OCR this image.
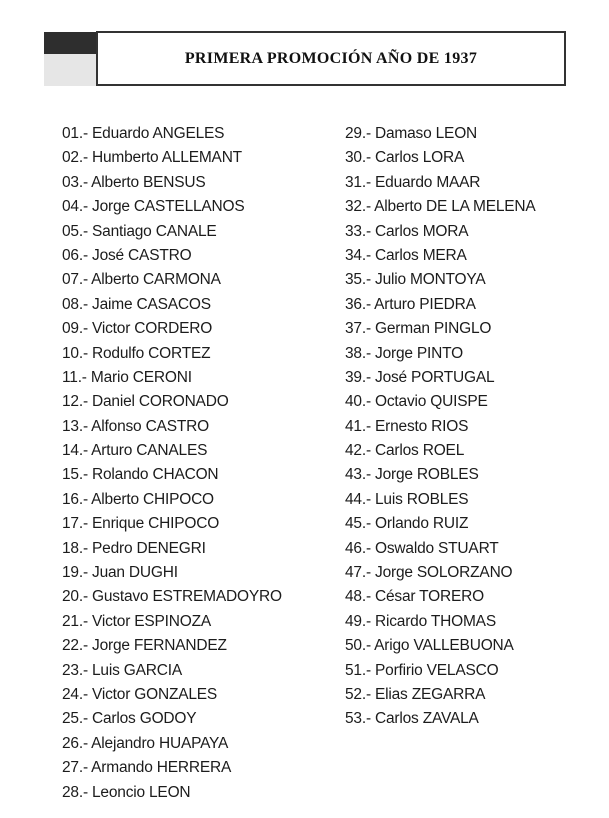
PRIMERA PROMOCIÓN AÑO DE 1937
01.- Eduardo ANGELES
02.- Humberto ALLEMANT
03.- Alberto BENSUS
04.- Jorge CASTELLANOS
05.- Santiago CANALE
06.- José CASTRO
07.- Alberto CARMONA
08.- Jaime CASACOS
09.- Victor CORDERO
10.- Rodulfo CORTEZ
11.- Mario CERONI
12.- Daniel CORONADO
13.- Alfonso CASTRO
14.- Arturo CANALES
15.- Rolando CHACON
16.- Alberto CHIPOCO
17.- Enrique CHIPOCO
18.- Pedro DENEGRI
19.- Juan DUGHI
20.- Gustavo ESTREMADOYRO
21.- Victor ESPINOZA
22.- Jorge FERNANDEZ
23.- Luis GARCIA
24.- Victor GONZALES
25.- Carlos GODOY
26.- Alejandro HUAPAYA
27.- Armando HERRERA
28.- Leoncio LEON
29.- Damaso LEON
30.- Carlos LORA
31.- Eduardo MAAR
32.- Alberto DE LA MELENA
33.- Carlos MORA
34.- Carlos MERA
35.- Julio MONTOYA
36.- Arturo PIEDRA
37.- German PINGLO
38.- Jorge PINTO
39.- José PORTUGAL
40.- Octavio QUISPE
41.- Ernesto RIOS
42.- Carlos ROEL
43.- Jorge ROBLES
44.- Luis ROBLES
45.- Orlando RUIZ
46.- Oswaldo STUART
47.- Jorge SOLORZANO
48.- César TORERO
49.- Ricardo THOMAS
50.- Arigo VALLEBUONA
51.- Porfirio VELASCO
52.- Elias ZEGARRA
53.- Carlos ZAVALA
